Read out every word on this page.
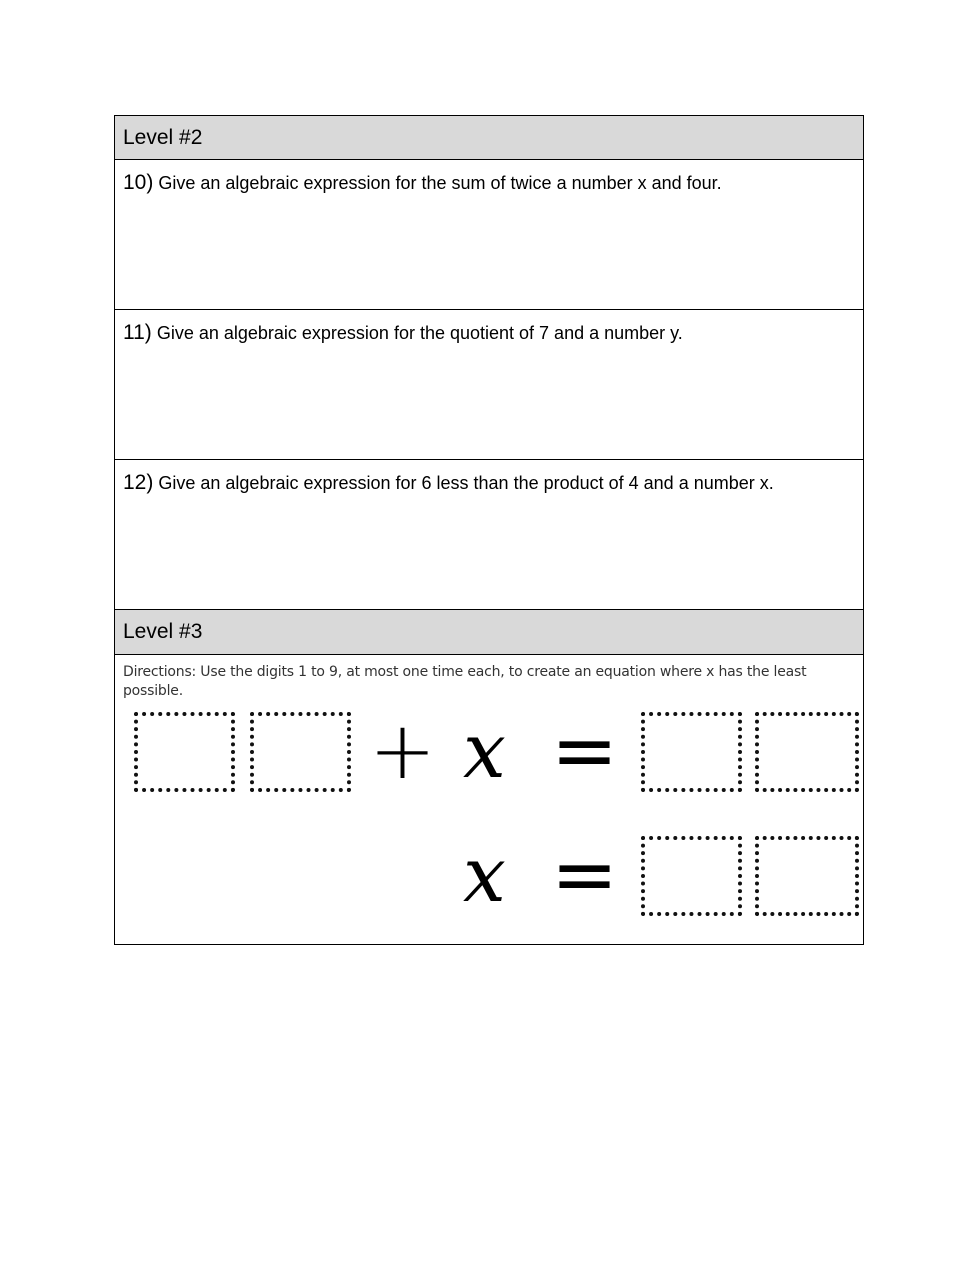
Level #2
10) Give an algebraic expression for the sum of twice a number x and four.
11) Give an algebraic expression for the quotient of 7 and a number y.
12) Give an algebraic expression for 6 less than the product of 4 and a number x.
Level #3
Directions: Use the digits 1 to 9, at most one time each, to create an equation where x has the least possible.
+ x =
x =
